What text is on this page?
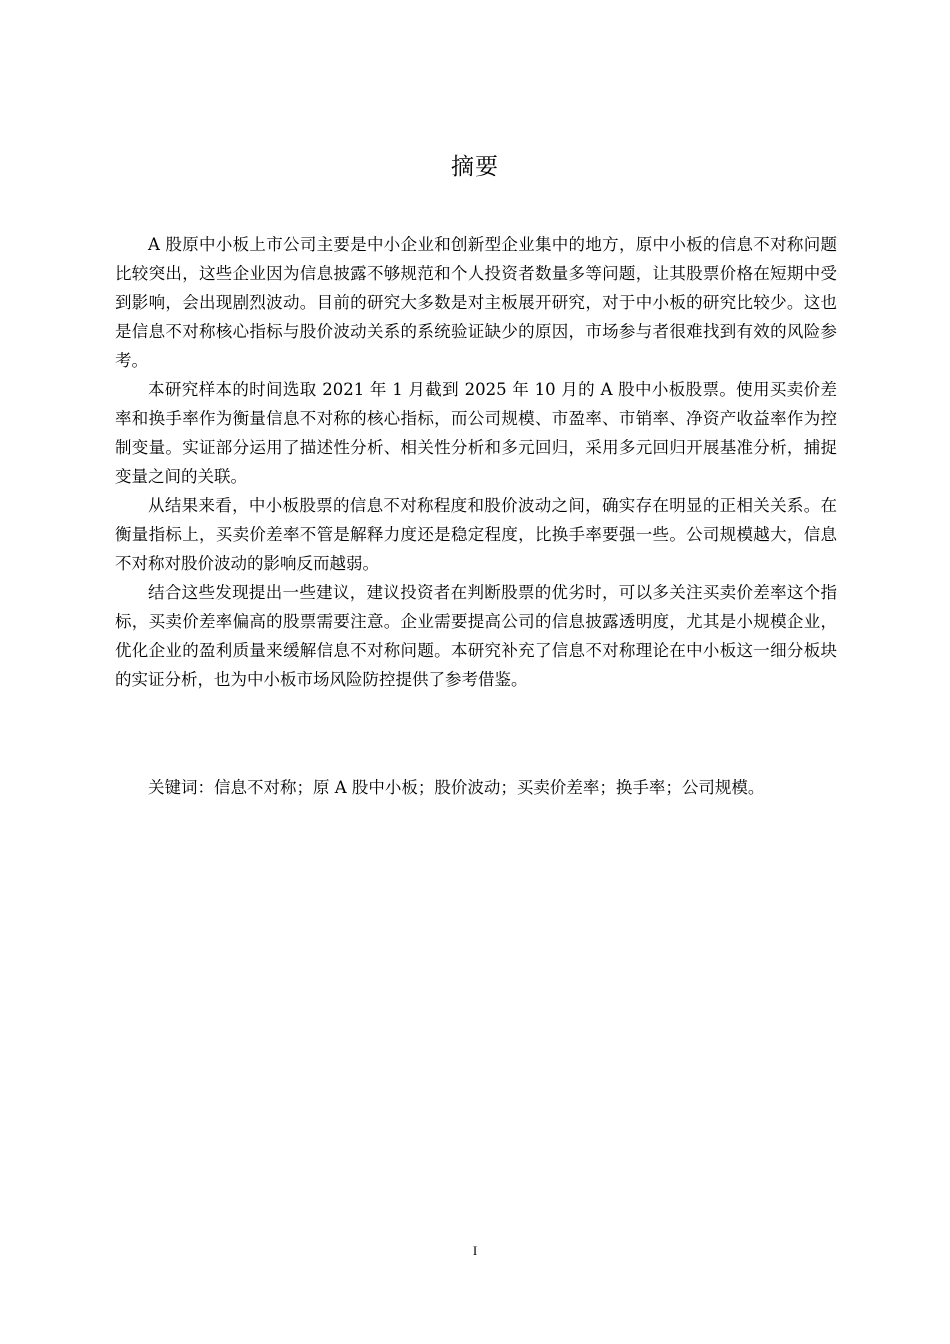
摘要

A 股原中小板上市公司主要是中小企业和创新型企业集中的地方，原中小板的信息不对称问题比较突出，这些企业因为信息披露不够规范和个人投资者数量多等问题，让其股票价格在短期中受到影响，会出现剧烈波动。目前的研究大多数是对主板展开研究，对于中小板的研究比较少。这也是信息不对称核心指标与股价波动关系的系统验证缺少的原因，市场参与者很难找到有效的风险参考。

本研究样本的时间选取 2021 年 1 月截到 2025 年 10 月的 A 股中小板股票。使用买卖价差率和换手率作为衡量信息不对称的核心指标，而公司规模、市盈率、市销率、净资产收益率作为控制变量。实证部分运用了描述性分析、相关性分析和多元回归，采用多元回归开展基准分析，捕捉变量之间的关联。

从结果来看，中小板股票的信息不对称程度和股价波动之间，确实存在明显的正相关关系。在衡量指标上，买卖价差率不管是解释力度还是稳定程度，比换手率要强一些。公司规模越大，信息不对称对股价波动的影响反而越弱。

结合这些发现提出一些建议，建议投资者在判断股票的优劣时，可以多关注买卖价差率这个指标，买卖价差率偏高的股票需要注意。企业需要提高公司的信息披露透明度，尤其是小规模企业，优化企业的盈利质量来缓解信息不对称问题。本研究补充了信息不对称理论在中小板这一细分板块的实证分析，也为中小板市场风险防控提供了参考借鉴。

关键词：信息不对称；原 A 股中小板；股价波动；买卖价差率；换手率；公司规模。

I
